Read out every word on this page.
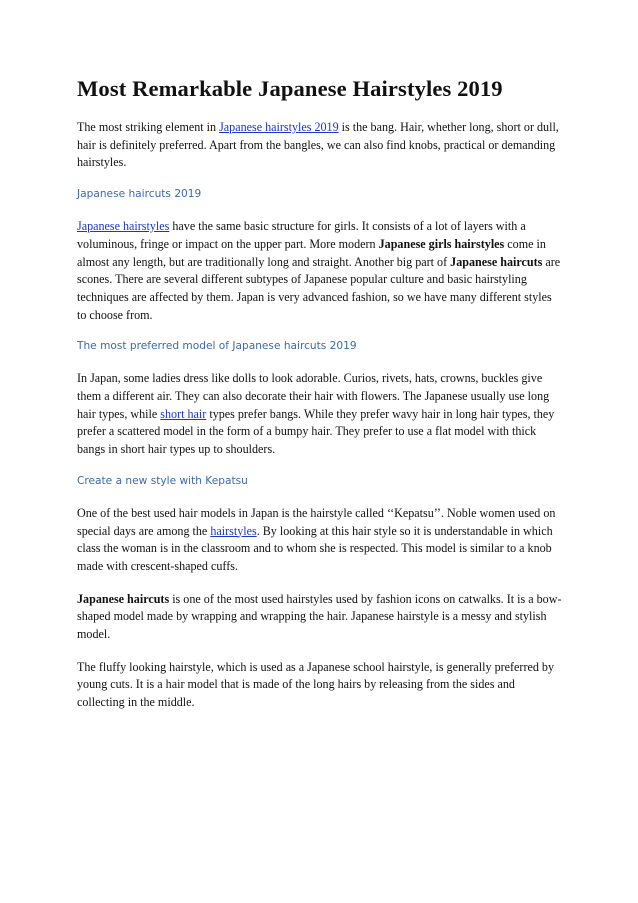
Most Remarkable Japanese Hairstyles 2019

The most striking element in Japanese hairstyles 2019 is the bang. Hair, whether long, short or dull, hair is definitely preferred. Apart from the bangles, we can also find knobs, practical or demanding hairstyles.

Japanese haircuts 2019

Japanese hairstyles have the same basic structure for girls. It consists of a lot of layers with a voluminous, fringe or impact on the upper part. More modern Japanese girls hairstyles come in almost any length, but are traditionally long and straight. Another big part of Japanese haircuts are scones. There are several different subtypes of Japanese popular culture and basic hairstyling techniques are affected by them. Japan is very advanced fashion, so we have many different styles to choose from.

The most preferred model of Japanese haircuts 2019

In Japan, some ladies dress like dolls to look adorable. Curios, rivets, hats, crowns, buckles give them a different air. They can also decorate their hair with flowers. The Japanese usually use long hair types, while short hair types prefer bangs. While they prefer wavy hair in long hair types, they prefer a scattered model in the form of a bumpy hair. They prefer to use a flat model with thick bangs in short hair types up to shoulders.

Create a new style with Kepatsu

One of the best used hair models in Japan is the hairstyle called ‘‘Kepatsu’’. Noble women used on special days are among the hairstyles. By looking at this hair style so it is understandable in which class the woman is in the classroom and to whom she is respected. This model is similar to a knob made with crescent-shaped cuffs.

Japanese haircuts is one of the most used hairstyles used by fashion icons on catwalks. It is a bow-shaped model made by wrapping and wrapping the hair. Japanese hairstyle is a messy and stylish model.

The fluffy looking hairstyle, which is used as a Japanese school hairstyle, is generally preferred by young cuts. It is a hair model that is made of the long hairs by releasing from the sides and collecting in the middle.
